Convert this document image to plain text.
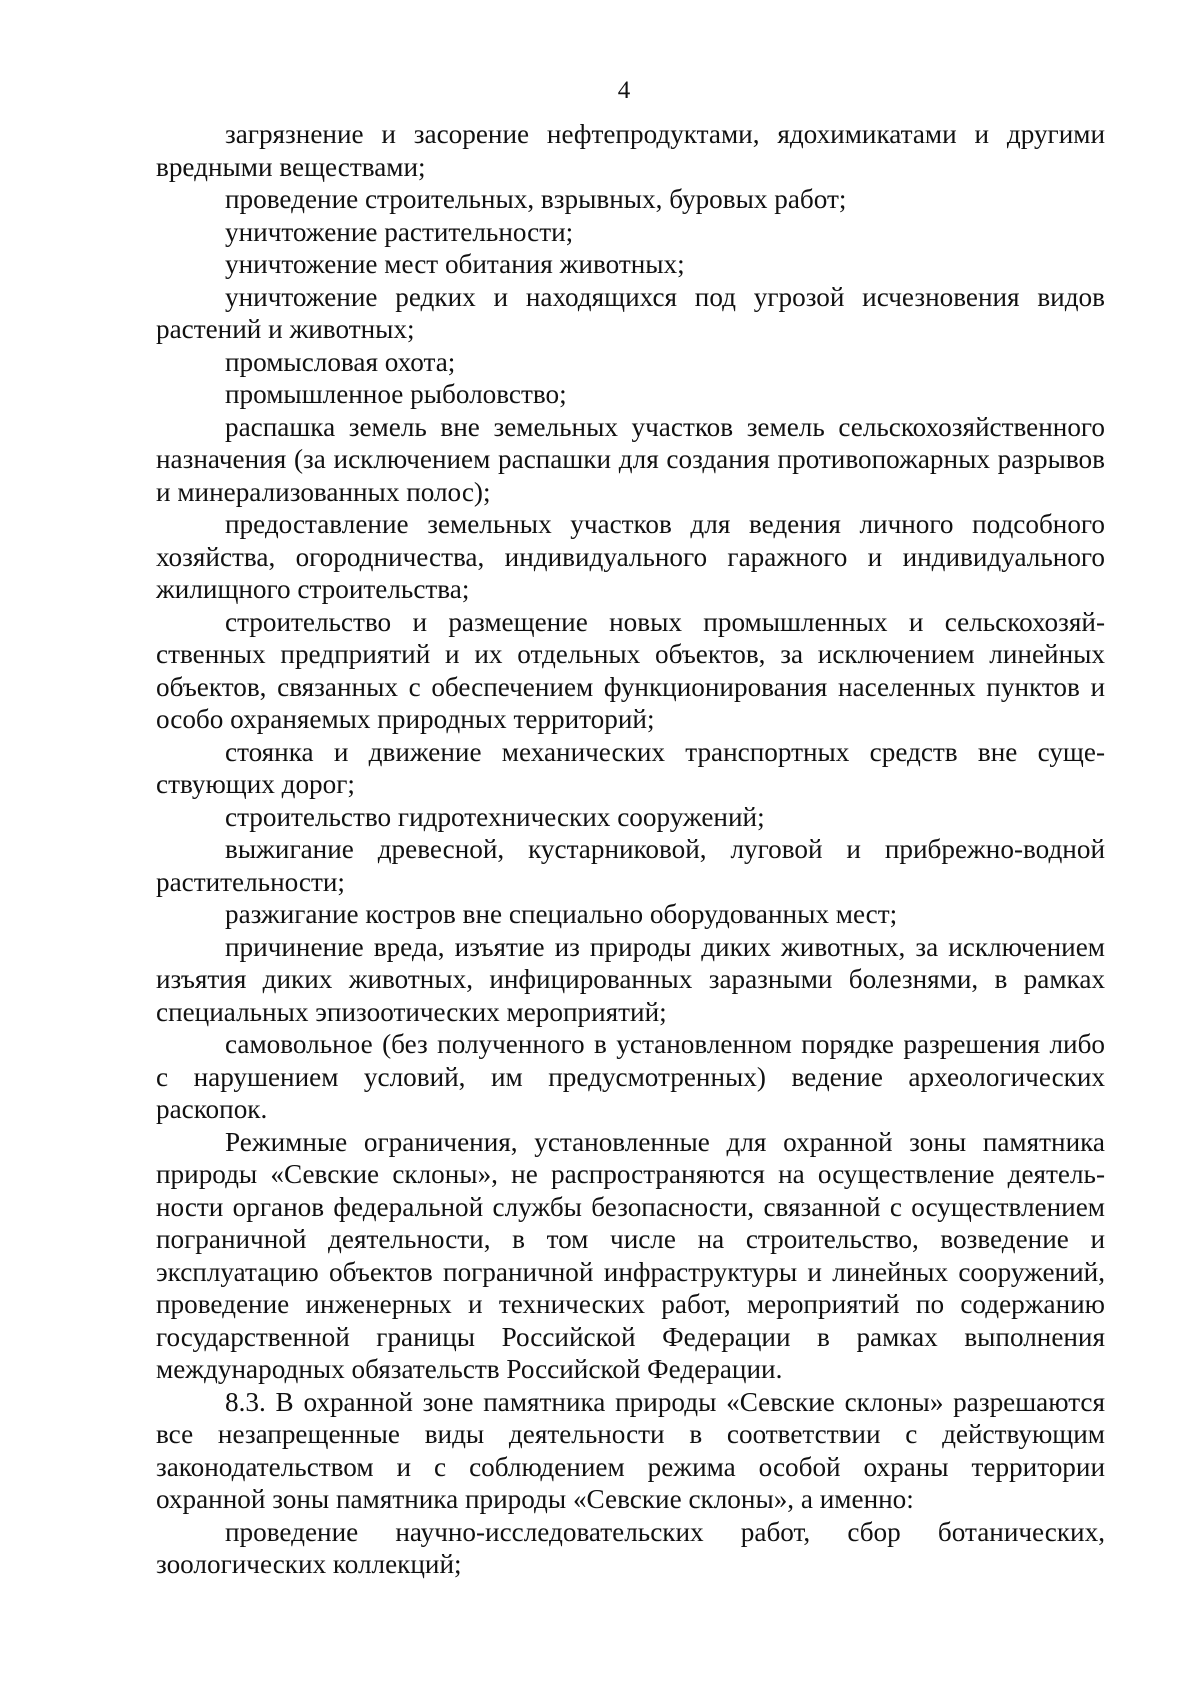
4

загрязнение и засорение нефтепродуктами, ядохимикатами и другими вредными веществами;

проведение строительных, взрывных, буровых работ;

уничтожение растительности;

уничтожение мест обитания животных;

уничтожение редких и находящихся под угрозой исчезновения видов растений и животных;

промысловая охота;

промышленное рыболовство;

распашка земель вне земельных участков земель сельскохозяйственного назначения (за исключением распашки для создания противопожарных разрывов и минерализованных полос);

предоставление земельных участков для ведения личного подсобного хозяйства, огородничества, индивидуального гаражного и индивидуального жилищного строительства;

строительство и размещение новых промышленных и сельскохозяйственных предприятий и их отдельных объектов, за исключением линейных объектов, связанных с обеспечением функционирования населенных пунктов и особо охраняемых природных территорий;

стоянка и движение механических транспортных средств вне существующих дорог;

строительство гидротехнических сооружений;

выжигание древесной, кустарниковой, луговой и прибрежно-водной растительности;

разжигание костров вне специально оборудованных мест;

причинение вреда, изъятие из природы диких животных, за исключением изъятия диких животных, инфицированных заразными болезнями, в рамках специальных эпизоотических мероприятий;

самовольное (без полученного в установленном порядке разрешения либо с нарушением условий, им предусмотренных) ведение археологических раскопок.

Режимные ограничения, установленные для охранной зоны памятника природы «Севские склоны», не распространяются на осуществление деятельности органов федеральной службы безопасности, связанной с осуществлением пограничной деятельности, в том числе на строительство, возведение и эксплуатацию объектов пограничной инфраструктуры и линейных сооружений, проведение инженерных и технических работ, мероприятий по содержанию государственной границы Российской Федерации в рамках выполнения международных обязательств Российской Федерации.

8.3. В охранной зоне памятника природы «Севские склоны» разрешаются все незапрещенные виды деятельности в соответствии с действующим законодательством и с соблюдением режима особой охраны территории охранной зоны памятника природы «Севские склоны», а именно:

проведение научно-исследовательских работ, сбор ботанических, зоологических коллекций;
